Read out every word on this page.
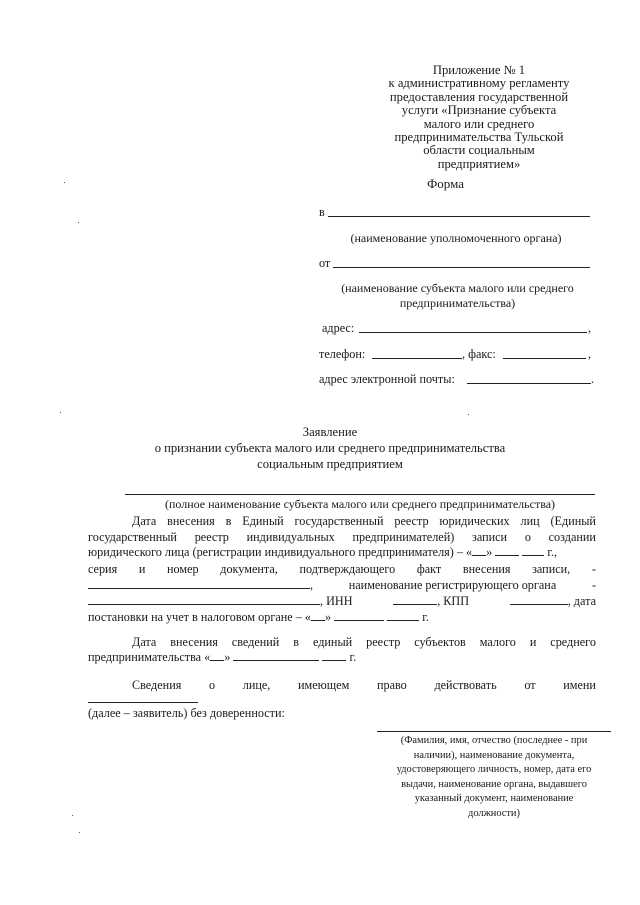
Приложение № 1
к административному регламенту
предоставления государственной
услуги «Признание субъекта
малого или среднего
предпринимательства Тульской
области социальным
предприятием»
Форма
в
(наименование уполномоченного органа)
от
(наименование субъекта малого или среднего
предпринимательства)
адрес:	,
телефон:	, факс:	,
адрес электронной почты:	.
Заявление
о признании субъекта малого или среднего предпринимательства
социальным предприятием
(полное наименование субъекта малого или среднего предпринимательства)
Дата внесения в Единый государственный реестр юридических лиц (Единый
государственный реестр индивидуальных предпринимателей) записи о создании
юридического лица (регистрации индивидуального предпринимателя) – « »	г.,
серия и номер документа, подтверждающего факт внесения записи, -
,	наименование регистрирующего органа	-
, ИНН	, КПП	, дата
постановки на учет в налоговом органе – « »	г.
Дата внесения сведений в единый реестр субъектов малого и среднего
предпринимательства « »	г.
Сведения о лице, имеющем право действовать от имени
(далее – заявитель) без доверенности:
(Фамилия, имя, отчество (последнее - при
наличии), наименование документа,
удостоверяющего личность, номер, дата его
выдачи, наименование органа, выдавшего
указанный документ, наименование
должности)
